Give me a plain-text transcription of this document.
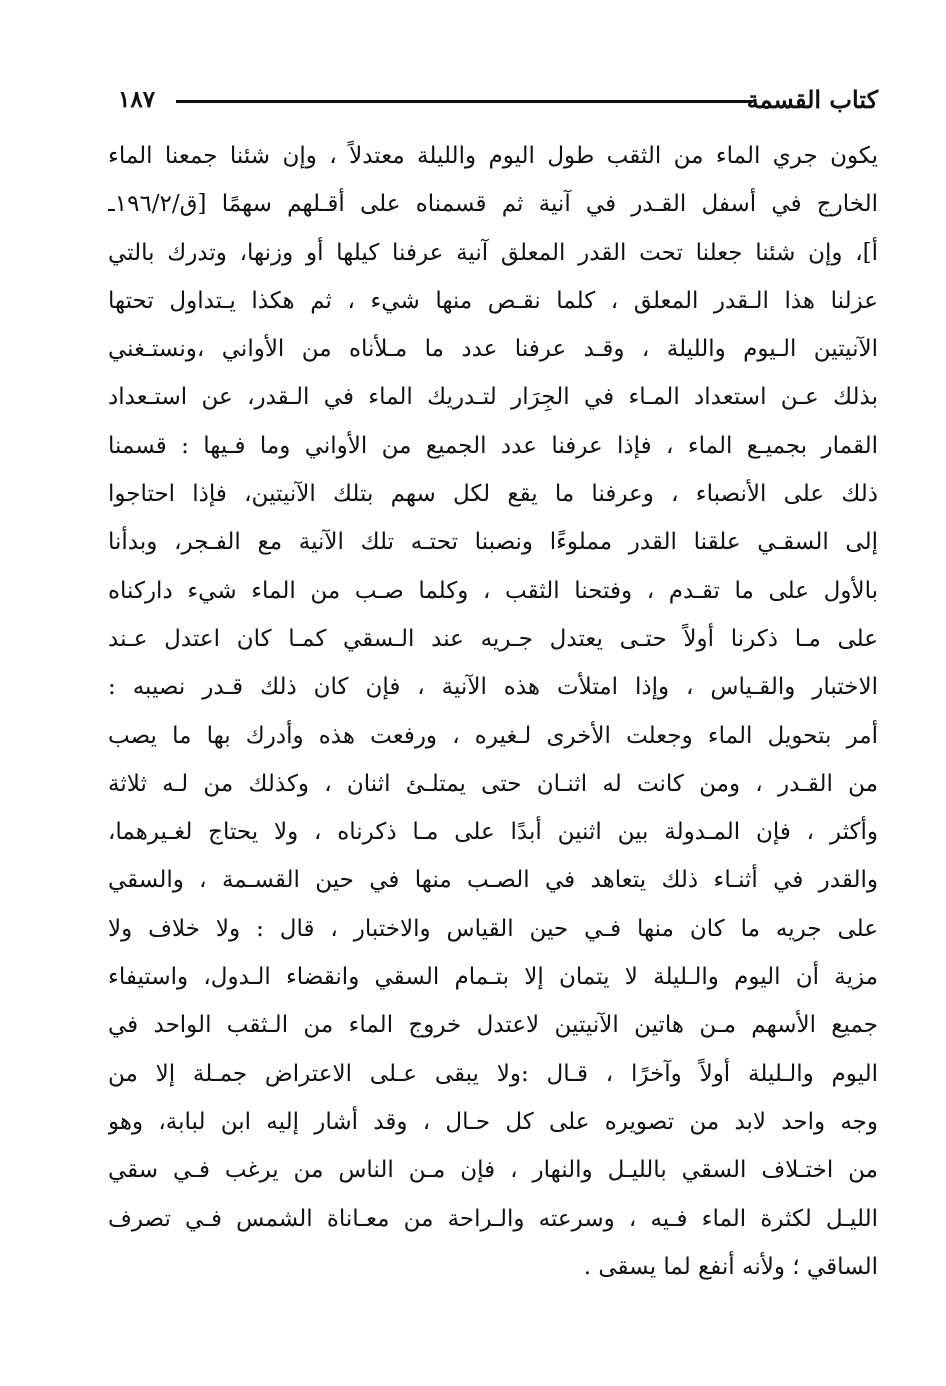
كتاب القسمة
١٨٧
يكون جري الماء من الثقب طول اليوم والليلة معتدلاً ، وإن شئنا جمعنا الماء
الخارج في أسفل القـدر في آنية ثم قسمناه على أقـلهم سهمًا [ق/١٩٦/٢ـ
أ]، وإن شئنا جعلنا تحت القدر المعلق آنية عرفنا كيلها أو وزنها، وتدرك بالتي
عزلنا هذا الـقدر المعلق ، كلما نقـص منها شيء ، ثم هكذا يـتداول تحتها
الآنيتين الـيوم والليلة ، وقـد عرفنا عدد ما مـلأناه من الأواني ،ونستـغني
بذلك عـن استعداد المـاء في الجِرَار لتـدريك الماء في الـقدر، عن استـعداد
القمار بجميـع الماء ، فإذا عرفنا عدد الجميع من الأواني وما فـيها : قسمنا
ذلك على الأنصباء ، وعرفنا ما يقع لكل سهم بتلك الآنيتين، فإذا احتاجوا
إلى السقـي علقنا القدر مملوءًا ونصبنا تحتـه تلك الآنية مع الفـجر، وبدأنا
بالأول على ما تقـدم ، وفتحنا الثقب ، وكلما صـب من الماء شيء داركناه
على مـا ذكرنا أولاً حتـى يعتدل جـريه عند الـسقي كمـا كان اعتدل عـند
الاختبار والقـياس ، وإذا امتلأت هذه الآنية ، فإن كان ذلك قـدر نصيبه :
أمر بتحويل الماء وجعلت الأخرى لـغيره ، ورفعت هذه وأدرك بها ما يصب
من القـدر ، ومن كانت له اثنـان حتى يمتلـئ اثنان ، وكذلك من لـه ثلاثة
وأكثر ، فإن المـدولة بين اثنين أبدًا على مـا ذكرناه ، ولا يحتاج لغـيرهما،
والقدر في أثنـاء ذلك يتعاهد في الصـب منها في حين القسـمة ، والسقي
على جريه ما كان منها فـي حين القياس والاختبار ، قال : ولا خلاف ولا
مزية أن اليوم والـليلة لا يتمان إلا بتـمام السقي وانقضاء الـدول، واستيفاء
جميع الأسهم مـن هاتين الآنيتين لاعتدل خروج الماء من الـثقب الواحد في
اليوم والـليلة أولاً وآخرًا ، قـال :ولا يبقى عـلى الاعتراض جمـلة إلا من
وجه واحد لابد من تصويره على كل حـال ، وقد أشار إليه ابن لبابة، وهو
من اختـلاف السقي بالليـل والنهار ، فإن مـن الناس من يرغب فـي سقي
الليـل لكثرة الماء فـيه ، وسرعته والـراحة من معـاناة الشمس فـي تصرف
الساقي ؛ ولأنه أنفع لما يسقى .
